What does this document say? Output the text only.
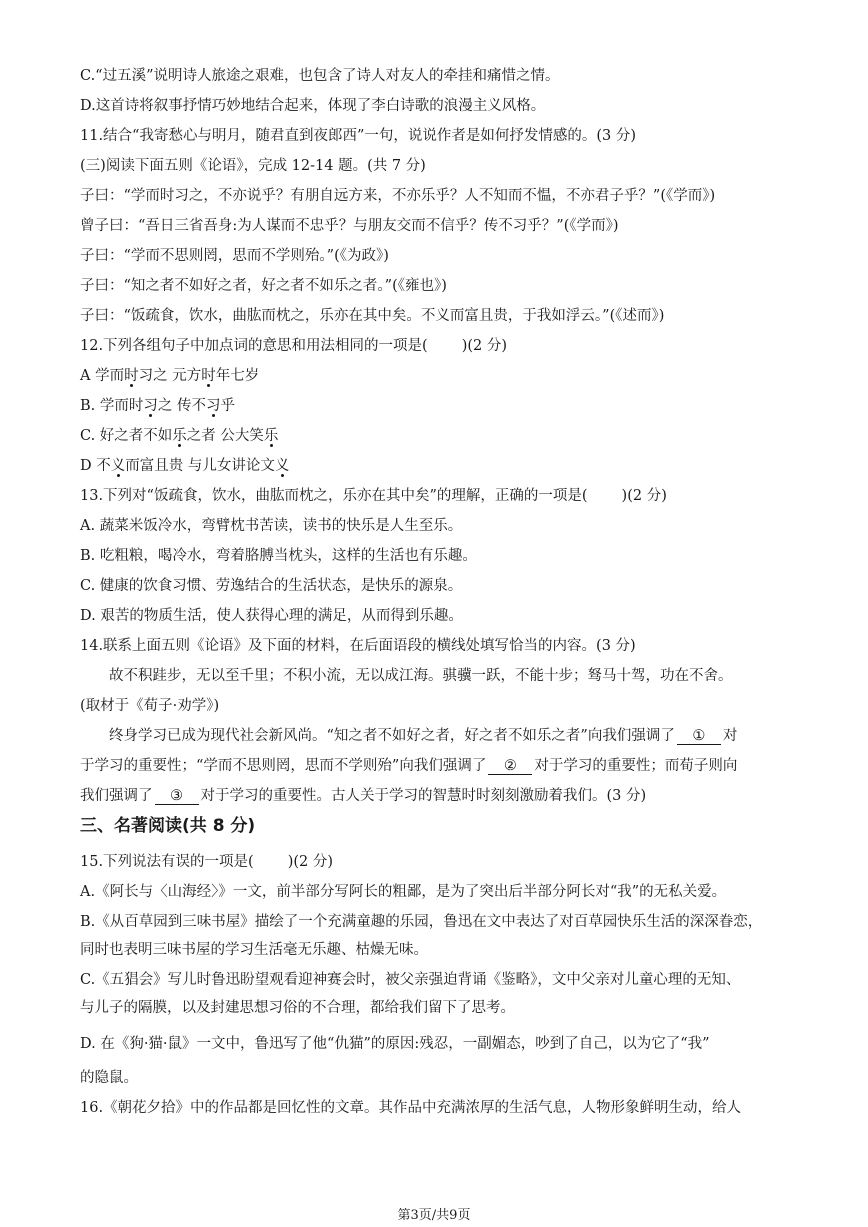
C.“过五溪”说明诗人旅途之艰难，也包含了诗人对友人的牵挂和痛惜之情。
D.这首诗将叙事抒情巧妙地结合起来，体现了李白诗歌的浪漫主义风格。
11.结合“我寄愁心与明月，随君直到夜郎西”一句，说说作者是如何抒发情感的。(3 分)
(三)阅读下面五则《论语》，完成 12-14 题。(共 7 分)
子曰：“学而时习之，不亦说乎？有朋自远方来，不亦乐乎？人不知而不愠，不亦君子乎？”(《学而》)
曾子曰：“吾日三省吾身:为人谋而不忠乎？与朋友交而不信乎？传不习乎？”(《学而》)
子曰：“学而不思则罔，思而不学则殆。”(《为政》)
子曰：“知之者不如好之者，好之者不如乐之者。”(《雍也》)
子曰：“饭疏食，饮水，曲肱而枕之，乐亦在其中矣。不义而富且贵，于我如浮云。”(《述而》)
12.下列各组句子中加点词的意思和用法相同的一项是( )(2 分)
A 学而时习之 元方时年七岁
B. 学而时习之 传不习乎
C. 好之者不如乐之者 公大笑乐
D 不义而富且贵 与儿女讲论文义
13.下列对“饭疏食，饮水，曲肱而枕之，乐亦在其中矣”的理解，正确的一项是( )(2 分)
A. 蔬菜米饭冷水，弯臂枕书苦读，读书的快乐是人生至乐。
B. 吃粗粮，喝冷水，弯着胳膊当枕头，这样的生活也有乐趣。
C. 健康的饮食习惯、劳逸结合的生活状态，是快乐的源泉。
D. 艰苦的物质生活，使人获得心理的满足，从而得到乐趣。
14.联系上面五则《论语》及下面的材料，在后面语段的横线处填写恰当的内容。(3 分)
故不积跬步，无以至千里；不积小流，无以成江海。骐骥一跃，不能十步；驽马十驾，功在不舍。
(取材于《荀子·劝学》)
终身学习已成为现代社会新风尚。“知之者不如好之者，好之者不如乐之者”向我们强调了 ① 对
于学习的重要性；“学而不思则罔，思而不学则殆”向我们强调了 ② 对于学习的重要性；而荀子则向
我们强调了 ③ 对于学习的重要性。古人关于学习的智慧时时刻刻激励着我们。(3 分)
三、名著阅读(共 8 分)
15.下列说法有误的一项是( )(2 分)
A.《阿长与〈山海经〉》一文，前半部分写阿长的粗鄙，是为了突出后半部分阿长对“我”的无私关爱。
B.《从百草园到三味书屋》描绘了一个充满童趣的乐园，鲁迅在文中表达了对百草园快乐生活的深深眷恋，
同时也表明三味书屋的学习生活毫无乐趣、枯燥无味。
C.《五猖会》写儿时鲁迅盼望观看迎神赛会时，被父亲强迫背诵《鉴略》，文中父亲对儿童心理的无知、
与儿子的隔膜，以及封建思想习俗的不合理，都给我们留下了思考。
D. 在《狗·猫·鼠》一文中，鲁迅写了他“仇猫”的原因:残忍，一副媚态，吵到了自己，以为它了“我”
的隐鼠。
16.《朝花夕拾》中的作品都是回忆性的文章。其作品中充满浓厚的生活气息，人物形象鲜明生动，给人
第3页/共9页
